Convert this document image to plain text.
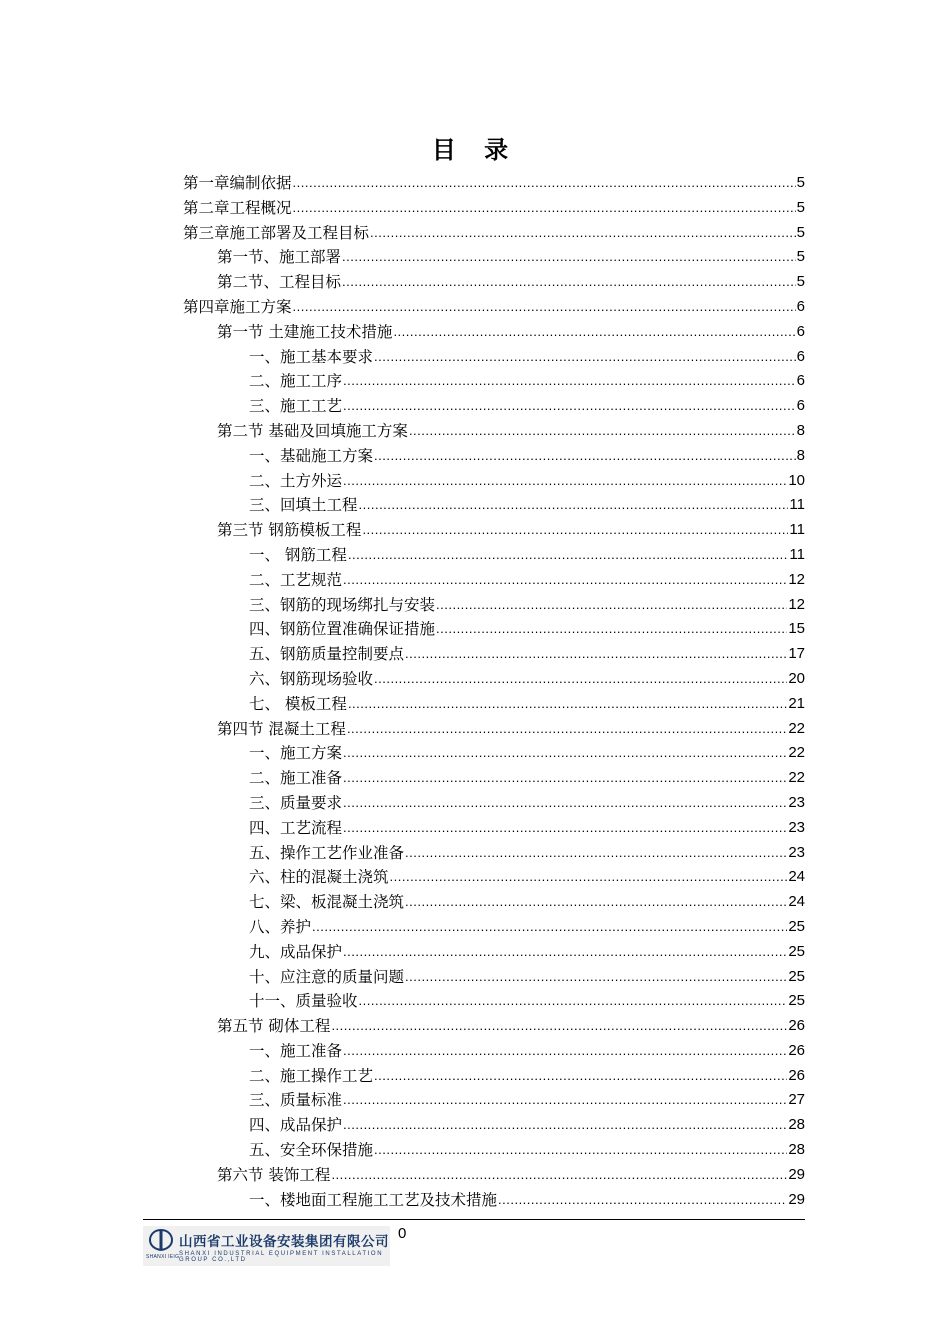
目 录
第一章 编制依据 .....	5
第二章 工程概况 .....	5
第三章 施工部署及工程目标 .....	5
第一节、施工部署 .....	5
第二节、工程目标 .....	5
第四章 施工方案 .....	6
第一节 土建施工技术措施 .....	6
一、施工基本要求 .....	6
二、施工工序 .....	6
三、施工工艺 .....	6
第二节 基础及回填施工方案 .....	8
一、基础施工方案 .....	8
二、土方外运 .....	10
三、回填土工程 .....	11
第三节 钢筋模板工程 .....	11
一、 钢筋工程 .....	11
二、工艺规范 .....	12
三、钢筋的现场绑扎与安装 .....	12
四、钢筋位置准确保证措施 .....	15
五、钢筋质量控制要点 .....	17
六、钢筋现场验收 .....	20
七、 模板工程 .....	21
第四节 混凝土工程 .....	22
一、施工方案 .....	22
二、施工准备 .....	22
三、质量要求 .....	23
四、工艺流程 .....	23
五、操作工艺作业准备 .....	23
六、柱的混凝土浇筑 .....	24
七、梁、板混凝土浇筑 .....	24
八、养护 .....	25
九、成品保护 .....	25
十、应注意的质量问题 .....	25
十一、质量验收 .....	25
第五节 砌体工程 .....	26
一、施工准备 .....	26
二、施工操作工艺 .....	26
三、质量标准 .....	27
四、成品保护 .....	28
五、安全环保措施 .....	28
第六节 装饰工程 .....	29
一、楼地面工程施工工艺及技术措施 .....	29
SHANXI IEIG
山西省工业设备安装集团有限公司
SHANXI INDUSTRIAL EQUIPMENT INSTALLATION GROUP CO.,LTD
0
